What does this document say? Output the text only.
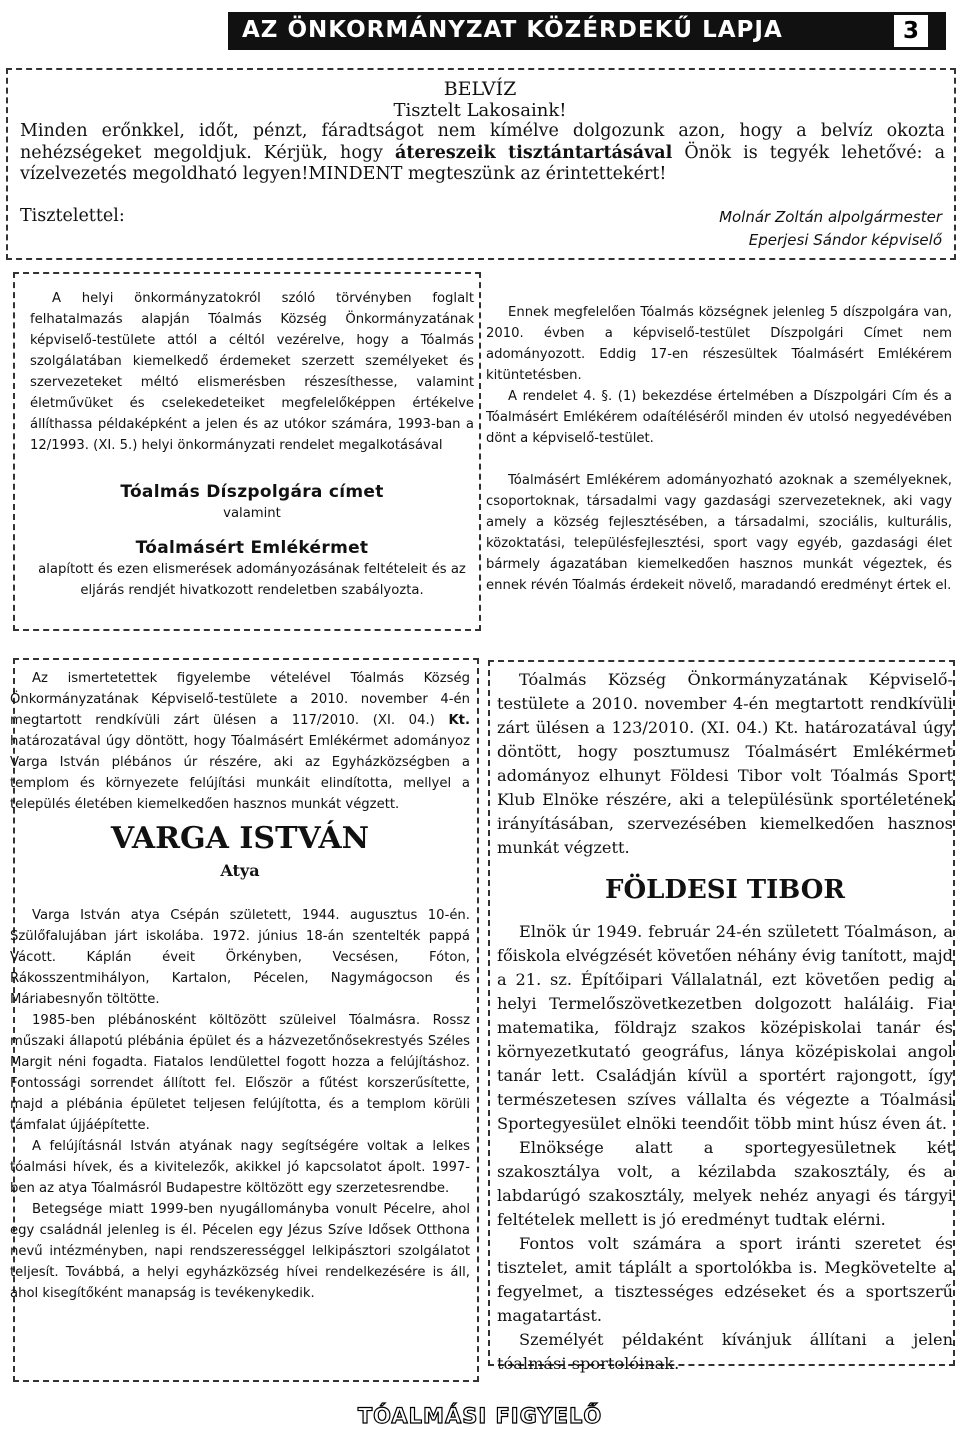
AZ ÖNKORMÁNYZAT KÖZÉRDEKŰ LAPJA	3
BELVÍZ
Tisztelt Lakosaink!
Minden erőnkkel, időt, pénzt, fáradtságot nem kímélve dolgozunk azon, hogy a belvíz okozta nehézségeket megoldjuk. Kérjük, hogy átereszeik tisztántartásával Önök is tegyék lehetővé: a vízelvezetés megoldható legyen!MINDENT megteszünk az érintettekért!
Tisztelettel:	Molnár Zoltán alpolgármester
Eperjesi Sándor képviselő

A helyi önkormányzatokról szóló törvényben foglalt felhatalmazás alapján Tóalmás Község Önkormányzatának képviselő-testülete attól a céltól vezérelve, hogy a Tóalmás szolgálatában kiemelkedő érdemeket szerzett személyeket és szervezeteket méltó elismerésben részesíthesse, valamint életművüket és cselekedeteiket megfelelőképpen értékelve állíthassa példaképként a jelen és az utókor számára, 1993-ban a 12/1993. (XI. 5.) helyi önkormányzati rendelet megalkotásával

Tóalmás Díszpolgára címet

valamint

Tóalmásért Emlékérmet

alapított és ezen elismerések adományozásának feltételeit és az eljárás rendjét hivatkozott rendeletben szabályozta.

Ennek megfelelően Tóalmás községnek jelenleg 5 díszpolgára van, 2010. évben a képviselő-testület Díszpolgári Címet nem adományozott. Eddig 17-en részesültek Tóalmásért Emlékérem kitüntetésben.

A rendelet 4. §. (1) bekezdése értelmében a Díszpolgári Cím és a Tóalmásért Emlékérem odaítéléséről minden év utolsó negyedévében dönt a képviselő-testület.

Tóalmásért Emlékérem adományozható azoknak a személyeknek, csoportoknak, társadalmi vagy gazdasági szervezeteknek, aki vagy amely a község fejlesztésében, a társadalmi, szociális, kulturális, közoktatási, településfejlesztési, sport vagy egyéb, gazdasági élet bármely ágazatában kiemelkedően hasznos munkát végeztek, és ennek révén Tóalmás érdekeit növelő, maradandó eredményt értek el.

Az ismertetettek figyelembe vételével Tóalmás Község Önkormányzatának Képviselő-testülete a 2010. november 4-én megtartott rendkívüli zárt ülésen a 117/2010. (XI. 04.) Kt. határozatával úgy döntött, hogy Tóalmásért Emlékérmet adományoz Varga István plébános úr részére, aki az Egyházközségben a templom és környezete felújítási munkáit elindította, mellyel a település életében kiemelkedően hasznos munkát végzett.

VARGA ISTVÁN

Atya

Varga István atya Csépán született, 1944. augusztus 10-én. Szülőfalujában járt iskolába. 1972. június 18-án szentelték pappá Vácott. Káplán éveit Örkényben, Vecsésen, Fóton, Rákosszentmihályon, Kartalon, Pécelen, Nagymágocson és Máriabesnyőn töltötte.

1985-ben plébánosként költözött szüleivel Tóalmásra. Rossz műszaki állapotú plébánia épület és a házvezetőnősekrestyés Széles Margit néni fogadta. Fiatalos lendülettel fogott hozza a felújításhoz. Fontossági sorrendet állított fel. Először a fűtést korszerűsítette, majd a plébánia épületet teljesen felújította, és a templom körüli támfalat újjáépítette.

A felújításnál István atyának nagy segítségére voltak a lelkes tóalmási hívek, és a kivitelezők, akikkel jó kapcsolatot ápolt. 1997-ben az atya Tóalmásról Budapestre költözött egy szerzetesrendbe.

Betegsége miatt 1999-ben nyugállományba vonult Pécelre, ahol egy családnál jelenleg is él. Pécelen egy Jézus Szíve Idősek Otthona nevű intézményben, napi rendszerességgel lelkipásztori szolgálatot teljesít. Továbbá, a helyi egyházközség hívei rendelkezésére is áll, ahol kisegítőként manapság is tevékenykedik.

Tóalmás Község Önkormányzatának Képviselő-testülete a 2010. november 4-én megtartott rendkívüli zárt ülésen a 123/2010. (XI. 04.) Kt. határozatával úgy döntött, hogy posztumusz Tóalmásért Emlékérmet adományoz elhunyt Földesi Tibor volt Tóalmás Sport Klub Elnöke részére, aki a településünk sportéletének irányításában, szervezésében kiemelkedően hasznos munkát végzett.

FÖLDESI TIBOR

Elnök úr 1949. február 24-én született Tóalmáson, a főiskola elvégzését követően néhány évig tanított, majd a 21. sz. Építőipari Vállalatnál, ezt követően pedig a helyi Termelőszövetkezetben dolgozott haláláig. Fia matematika, földrajz szakos középiskolai tanár és környezetkutató geográfus, lánya középiskolai angol tanár lett. Családján kívül a sportért rajongott, így természetesen szíves vállalta és végezte a Tóalmási Sportegyesület elnöki teendőit több mint húsz éven át.

Elnöksége alatt a sportegyesületnek két szakosztálya volt, a kézilabda szakosztály, és a labdarúgó szakosztály, melyek nehéz anyagi és tárgyi feltételek mellett is jó eredményt tudtak elérni.

Fontos volt számára a sport iránti szeretet és tisztelet, amit táplált a sportolókba is. Megkövetelte a fegyelmet, a tisztességes edzéseket és a sportszerű magatartást.

Személyét példaként kívánjuk állítani a jelen tóalmási sportolóinak.

TÓALMÁSI FIGYELŐ
